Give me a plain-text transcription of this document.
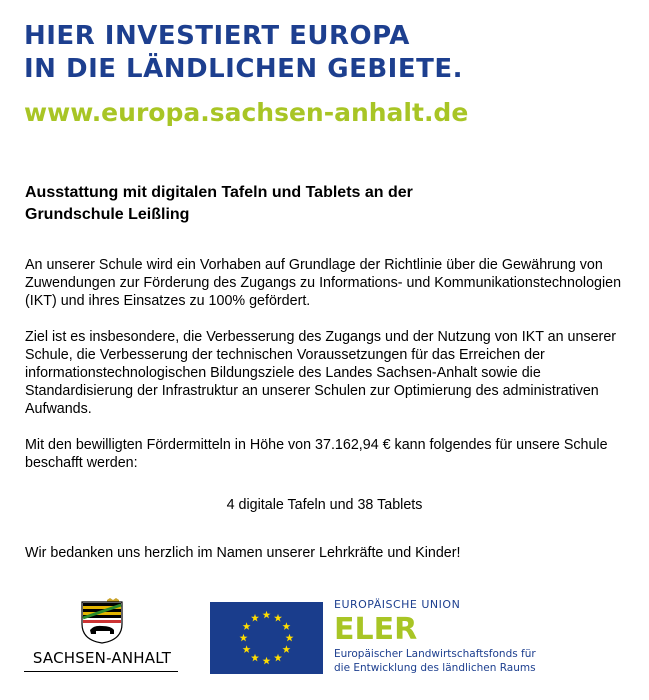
HIER INVESTIERT EUROPA
IN DIE LÄNDLICHEN GEBIETE.
www.europa.sachsen-anhalt.de
Ausstattung mit digitalen Tafeln und Tablets an der
Grundschule Leißling
An unserer Schule wird ein Vorhaben auf Grundlage der Richtlinie über die Gewährung von Zuwendungen zur Förderung des Zugangs zu Informations- und Kommunikationstechnologien (IKT) und ihres Einsatzes zu 100% gefördert.
Ziel ist es insbesondere, die Verbesserung des Zugangs und der Nutzung von IKT an unserer Schule, die Verbesserung der technischen Voraussetzungen für das Erreichen der informationstechnologischen Bildungsziele des Landes Sachsen-Anhalt sowie die Standardisierung der Infrastruktur an unserer Schulen zur Optimierung des administrativen Aufwands.
Mit den bewilligten Fördermitteln in Höhe von 37.162,94 € kann folgendes für unsere Schule beschafft werden:
4 digitale Tafeln und 38 Tablets
Wir bedanken uns herzlich im Namen unserer Lehrkräfte und Kinder!
SACHSEN-ANHALT
EUROPÄISCHE UNION
ELER
Europäischer Landwirtschaftsfonds für
die Entwicklung des ländlichen Raums
